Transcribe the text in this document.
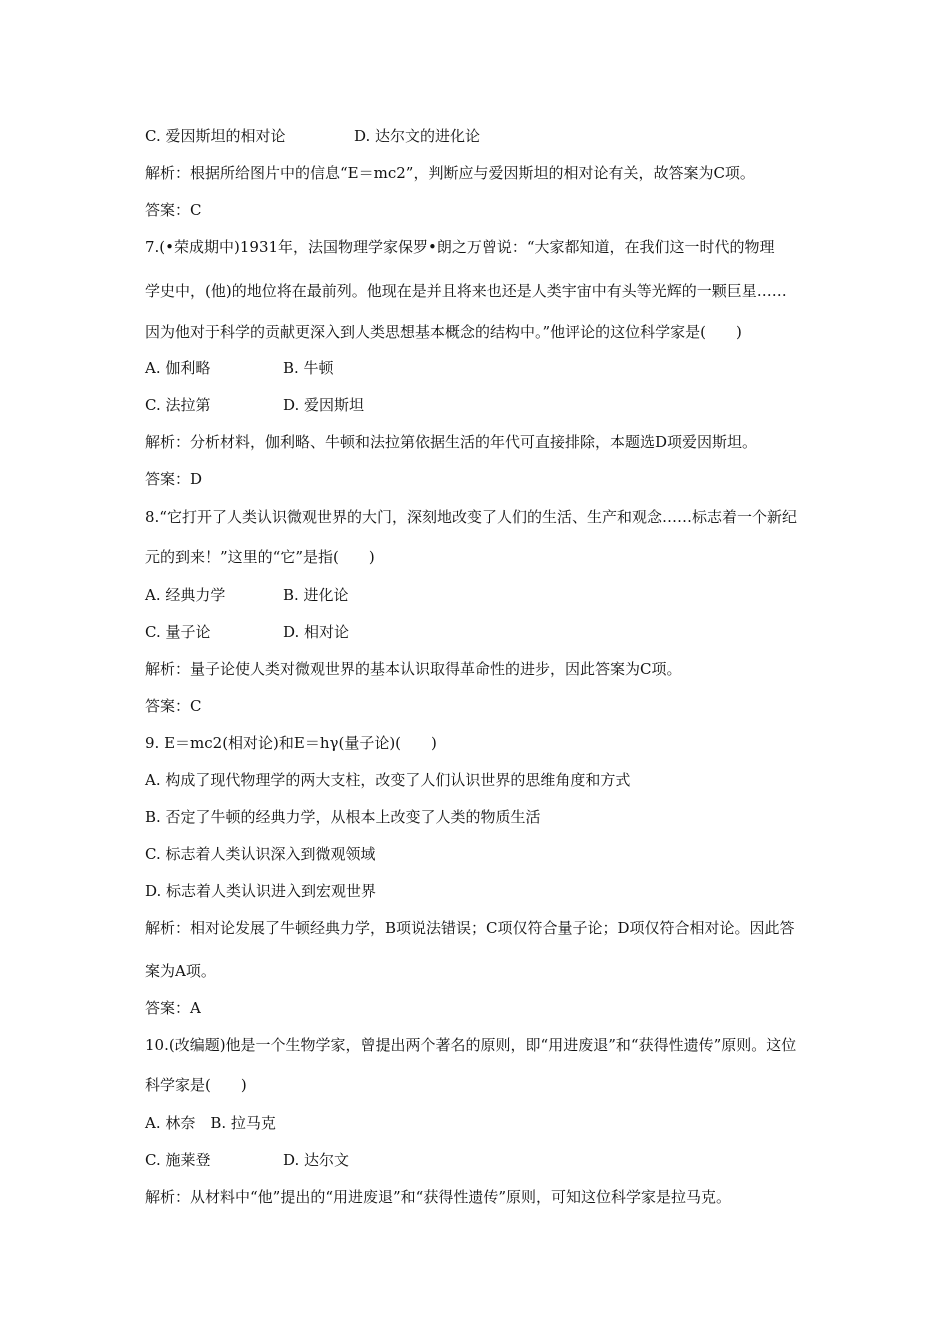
C. 爱因斯坦的相对论	D. 达尔文的进化论
解析：根据所给图片中的信息“E＝mc2”，判断应与爱因斯坦的相对论有关，故答案为C项。
答案：C
7.(•荣成期中)1931年，法国物理学家保罗•朗之万曾说：“大家都知道，在我们这一时代的物理
学史中，(他)的地位将在最前列。他现在是并且将来也还是人类宇宙中有头等光辉的一颗巨星……
因为他对于科学的贡献更深入到人类思想基本概念的结构中。”他评论的这位科学家是(　　)
A. 伽利略	B. 牛顿
C. 法拉第	D. 爱因斯坦
解析：分析材料，伽利略、牛顿和法拉第依据生活的年代可直接排除，本题选D项爱因斯坦。
答案：D
8.“它打开了人类认识微观世界的大门，深刻地改变了人们的生活、生产和观念……标志着一个新纪
元的到来！”这里的“它”是指(　　)
A. 经典力学	B. 进化论
C. 量子论	D. 相对论
解析：量子论使人类对微观世界的基本认识取得革命性的进步，因此答案为C项。
答案：C
9. E＝mc2(相对论)和E＝hγ(量子论)(　　)
A. 构成了现代物理学的两大支柱，改变了人们认识世界的思维角度和方式
B. 否定了牛顿的经典力学，从根本上改变了人类的物质生活
C. 标志着人类认识深入到微观领域
D. 标志着人类认识进入到宏观世界
解析：相对论发展了牛顿经典力学，B项说法错误；C项仅符合量子论；D项仅符合相对论。因此答
案为A项。
答案：A
10.(改编题)他是一个生物学家，曾提出两个著名的原则，即“用进废退”和“获得性遗传”原则。这位
科学家是(　　)
A. 林奈　B. 拉马克
C. 施莱登	D. 达尔文
解析：从材料中“他”提出的“用进废退”和“获得性遗传”原则，可知这位科学家是拉马克。
